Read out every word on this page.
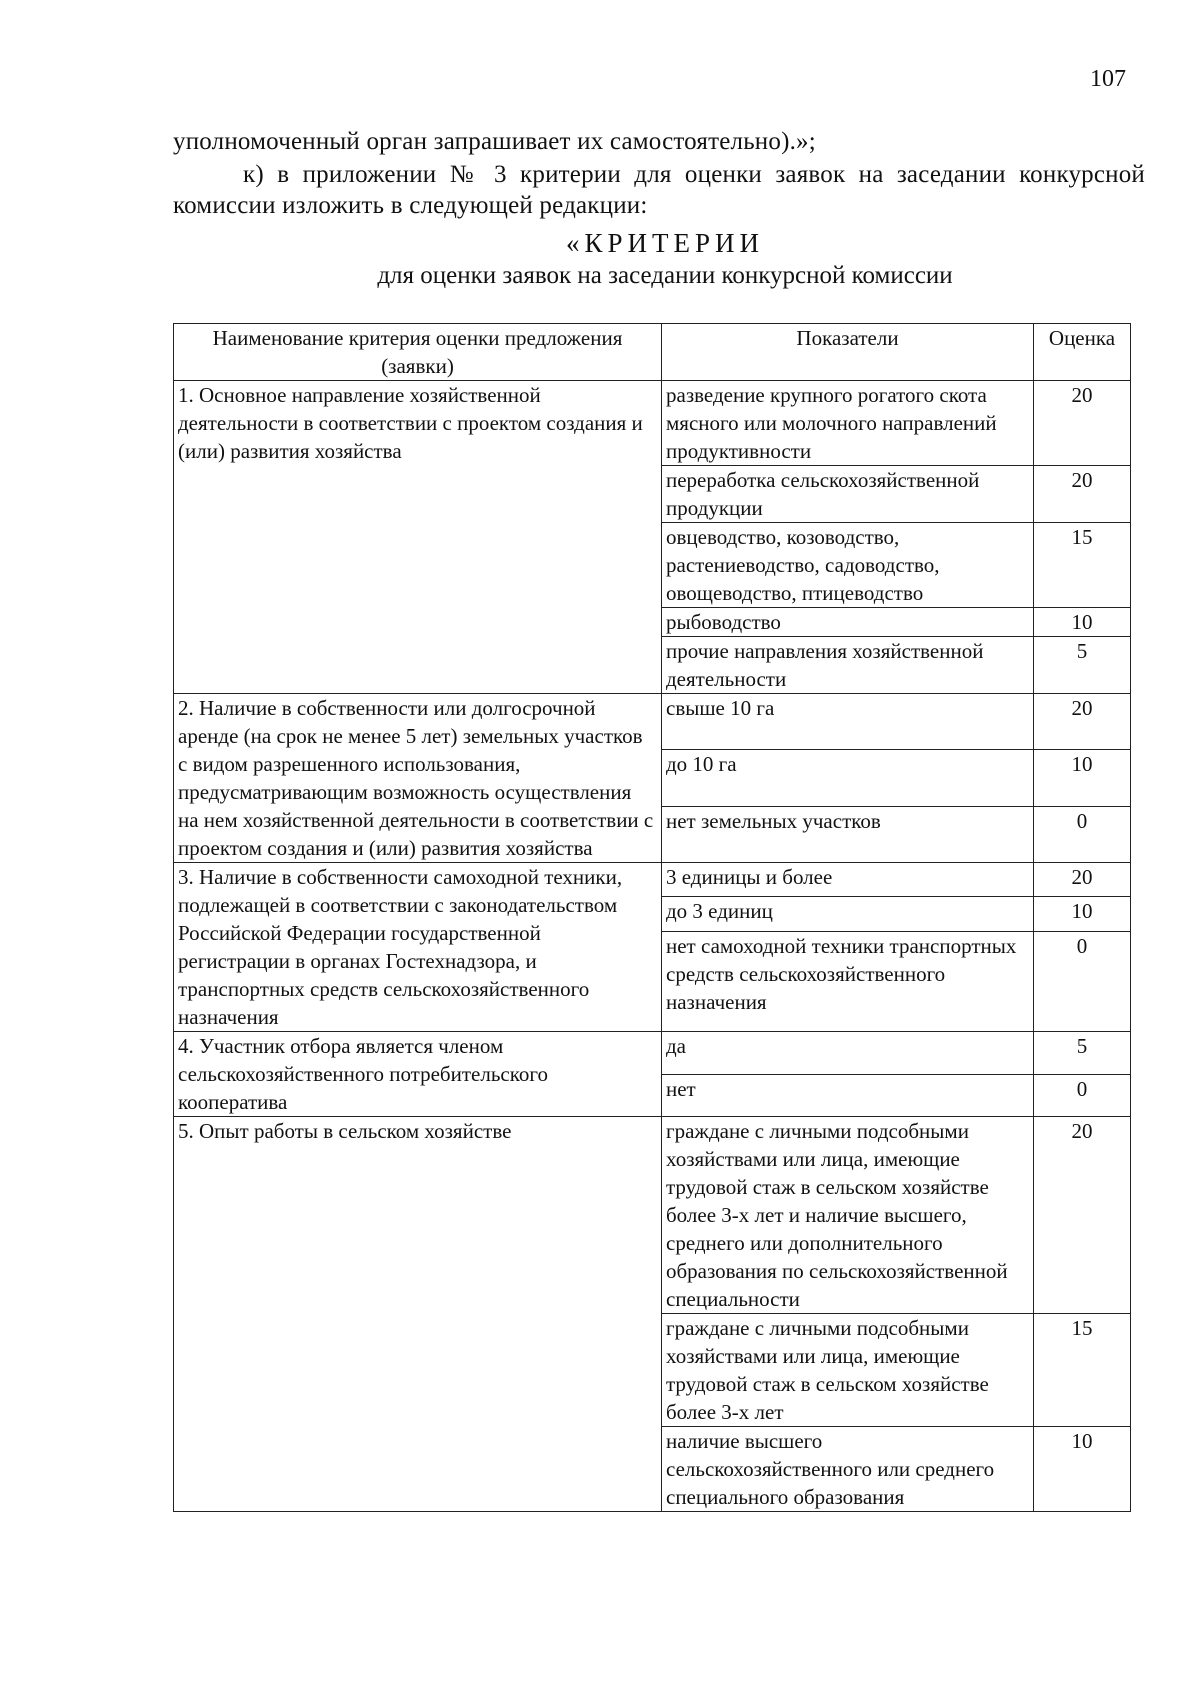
107
уполномоченный орган запрашивает их самостоятельно).»;
к) в приложении № 3 критерии для оценки заявок на заседании конкурсной комиссии изложить в следующей редакции:
«КРИТЕРИИ
для оценки заявок на заседании конкурсной комиссии
Наименование критерия оценки предложения (заявки)	Показатели	Оценка
1. Основное направление хозяйственной деятельности в соответствии с проектом создания и (или) развития хозяйства	разведение крупного рогатого скота мясного или молочного направлений продуктивности	20
	переработка сельскохозяйственной продукции	20
	овцеводство, козоводство, растениеводство, садоводство, овощеводство, птицеводство	15
	рыбоводство	10
	прочие направления хозяйственной деятельности	5
2. Наличие в собственности или долгосрочной аренде (на срок не менее 5 лет) земельных участков с видом разрешенного использования, предусматривающим возможность осуществления на нем хозяйственной деятельности в соответствии с проектом создания и (или) развития хозяйства	свыше 10 га	20
	до 10 га	10
	нет земельных участков	0
3. Наличие в собственности самоходной техники, подлежащей в соответствии с законодательством Российской Федерации государственной регистрации в органах Гостехнадзора, и транспортных средств сельскохозяйственного назначения	3 единицы и более	20
	до 3 единиц	10
	нет самоходной техники транспортных средств сельскохозяйственного назначения	0
4. Участник отбора является членом сельскохозяйственного потребительского кооператива	да	5
	нет	0
5. Опыт работы в сельском хозяйстве	граждане с личными подсобными хозяйствами или лица, имеющие трудовой стаж в сельском хозяйстве более 3-х лет и наличие высшего, среднего или дополнительного образования по сельскохозяйственной специальности	20
	граждане с личными подсобными хозяйствами или лица, имеющие трудовой стаж в сельском хозяйстве более 3-х лет	15
	наличие высшего сельскохозяйственного или среднего специального образования	10
